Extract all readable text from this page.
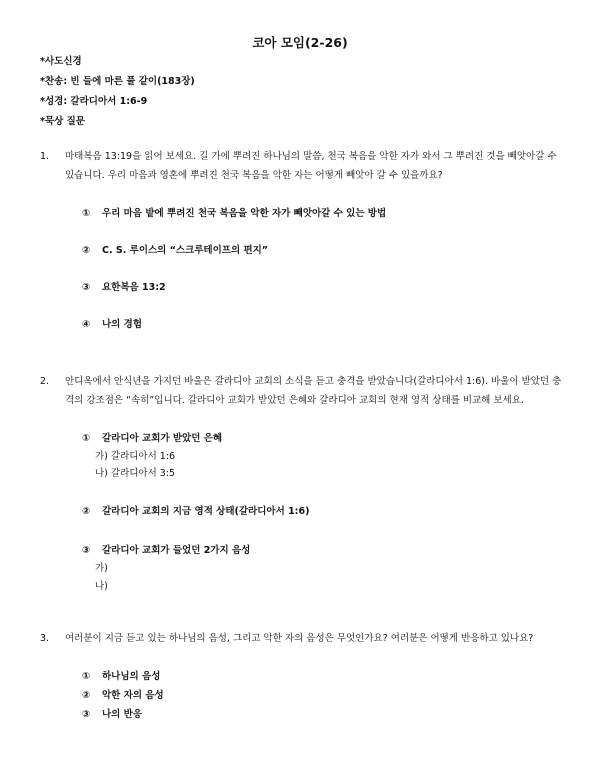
코아 모임(2-26)
*사도신경
*찬송: 빈 들에 마른 풀 같이(183장)
*성경: 갈라디아서 1:6-9
*묵상 질문
1. 마태복음 13:19을 읽어 보세요. 길 가에 뿌려진 하나님의 말씀, 천국 복음을 악한 자가 와서 그 뿌려진 것을 빼앗아갈 수 있습니다. 우리 마음과 영혼에 뿌려진 천국 복음을 악한 자는 어떻게 빼앗아 갈 수 있을까요?
① 우리 마음 밭에 뿌려진 천국 복음을 악한 자가 빼앗아갈 수 있는 방법
② C. S. 루이스의 “스크루테이프의 편지”
③ 요한복음 13:2
④ 나의 경험
2. 안디옥에서 안식년을 가지던 바울은 갈라디아 교회의 소식을 듣고 충격을 받았습니다(갈라디아서 1:6). 바울이 받았던 충격의 강조점은 “속히”입니다. 갈라디아 교회가 받았던 은혜와 갈라디아 교회의 현재 영적 상태를 비교해 보세요.
① 갈라디아 교회가 받았던 은혜
가) 갈라디아서 1:6
나) 갈라디아서 3:5
② 갈라디아 교회의 지금 영적 상태(갈라디아서 1:6)
③ 갈라디아 교회가 들었던 2가지 음성
가)
나)
3. 여러분이 지금 듣고 있는 하나님의 음성, 그리고 악한 자의 음성은 무엇인가요? 여러분은 어떻게 반응하고 있나요?
① 하나님의 음성
② 악한 자의 음성
③ 나의 반응
